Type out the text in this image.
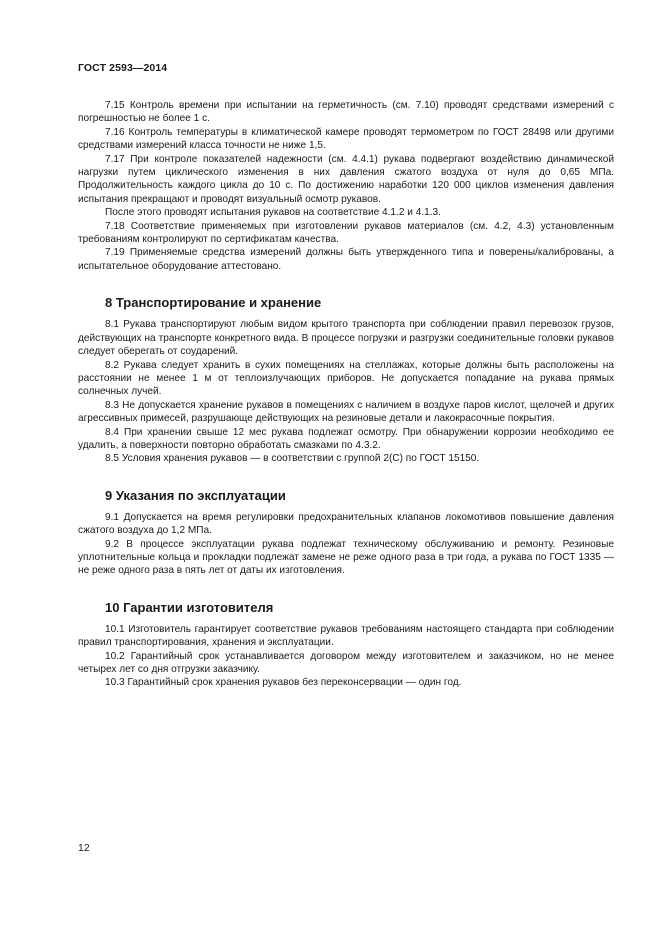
ГОСТ 2593—2014

7.15 Контроль времени при испытании на герметичность (см. 7.10) проводят средствами измерений с погрешностью не более 1 с.

7.16 Контроль температуры в климатической камере проводят термометром по ГОСТ 28498 или другими средствами измерений класса точности не ниже 1,5.

7.17 При контроле показателей надежности (см. 4.4.1) рукава подвергают воздействию динамической нагрузки путем циклического изменения в них давления сжатого воздуха от нуля до 0,65 МПа. Продолжительность каждого цикла до 10 с. По достижению наработки 120 000 циклов изменения давления испытания прекращают и проводят визуальный осмотр рукавов.

После этого проводят испытания рукавов на соответствие 4.1.2 и 4.1.3.

7.18 Соответствие применяемых при изготовлении рукавов материалов (см. 4.2, 4.3) установленным требованиям контролируют по сертификатам качества.

7.19 Применяемые средства измерений должны быть утвержденного типа и поверены/калиброваны, а испытательное оборудование аттестовано.

8 Транспортирование и хранение

8.1 Рукава транспортируют любым видом крытого транспорта при соблюдении правил перевозок грузов, действующих на транспорте конкретного вида. В процессе погрузки и разгрузки соединительные головки рукавов следует оберегать от соударений.

8.2 Рукава следует хранить в сухих помещениях на стеллажах, которые должны быть расположены на расстоянии не менее 1 м от теплоизлучающих приборов. Не допускается попадание на рукава прямых солнечных лучей.

8.3 Не допускается хранение рукавов в помещениях с наличием в воздухе паров кислот, щелочей и других агрессивных примесей, разрушающе действующих на резиновые детали и лакокрасочные покрытия.

8.4 При хранении свыше 12 мес рукава подлежат осмотру. При обнаружении коррозии необходимо ее удалить, а поверхности повторно обработать смазками по 4.3.2.

8.5 Условия хранения рукавов — в соответствии с группой 2(С) по ГОСТ 15150.

9 Указания по эксплуатации

9.1 Допускается на время регулировки предохранительных клапанов локомотивов повышение давления сжатого воздуха до 1,2 МПа.

9.2 В процессе эксплуатации рукава подлежат техническому обслуживанию и ремонту. Резиновые уплотнительные кольца и прокладки подлежат замене не реже одного раза в три года, а рукава по ГОСТ 1335 — не реже одного раза в пять лет от даты их изготовления.

10 Гарантии изготовителя

10.1 Изготовитель гарантирует соответствие рукавов требованиям настоящего стандарта при соблюдении правил транспортирования, хранения и эксплуатации.

10.2 Гарантийный срок устанавливается договором между изготовителем и заказчиком, но не менее четырех лет со дня отгрузки заказчику.

10.3 Гарантийный срок хранения рукавов без переконсервации — один год.

12
